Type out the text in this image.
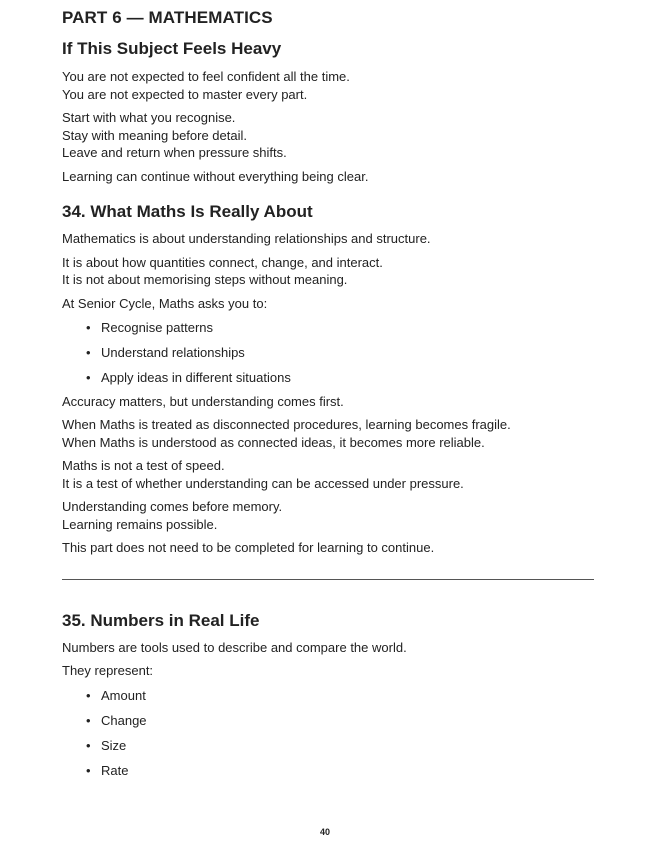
PART 6 — MATHEMATICS
If This Subject Feels Heavy

You are not expected to feel confident all the time.
You are not expected to master every part.

Start with what you recognise.
Stay with meaning before detail.
Leave and return when pressure shifts.

Learning can continue without everything being clear.

34. What Maths Is Really About

Mathematics is about understanding relationships and structure.

It is about how quantities connect, change, and interact.
It is not about memorising steps without meaning.

At Senior Cycle, Maths asks you to:

• Recognise patterns
• Understand relationships
• Apply ideas in different situations

Accuracy matters, but understanding comes first.

When Maths is treated as disconnected procedures, learning becomes fragile.
When Maths is understood as connected ideas, it becomes more reliable.

Maths is not a test of speed.
It is a test of whether understanding can be accessed under pressure.

Understanding comes before memory.
Learning remains possible.

This part does not need to be completed for learning to continue.

35. Numbers in Real Life

Numbers are tools used to describe and compare the world.

They represent:

• Amount
• Change
• Size
• Rate
40
